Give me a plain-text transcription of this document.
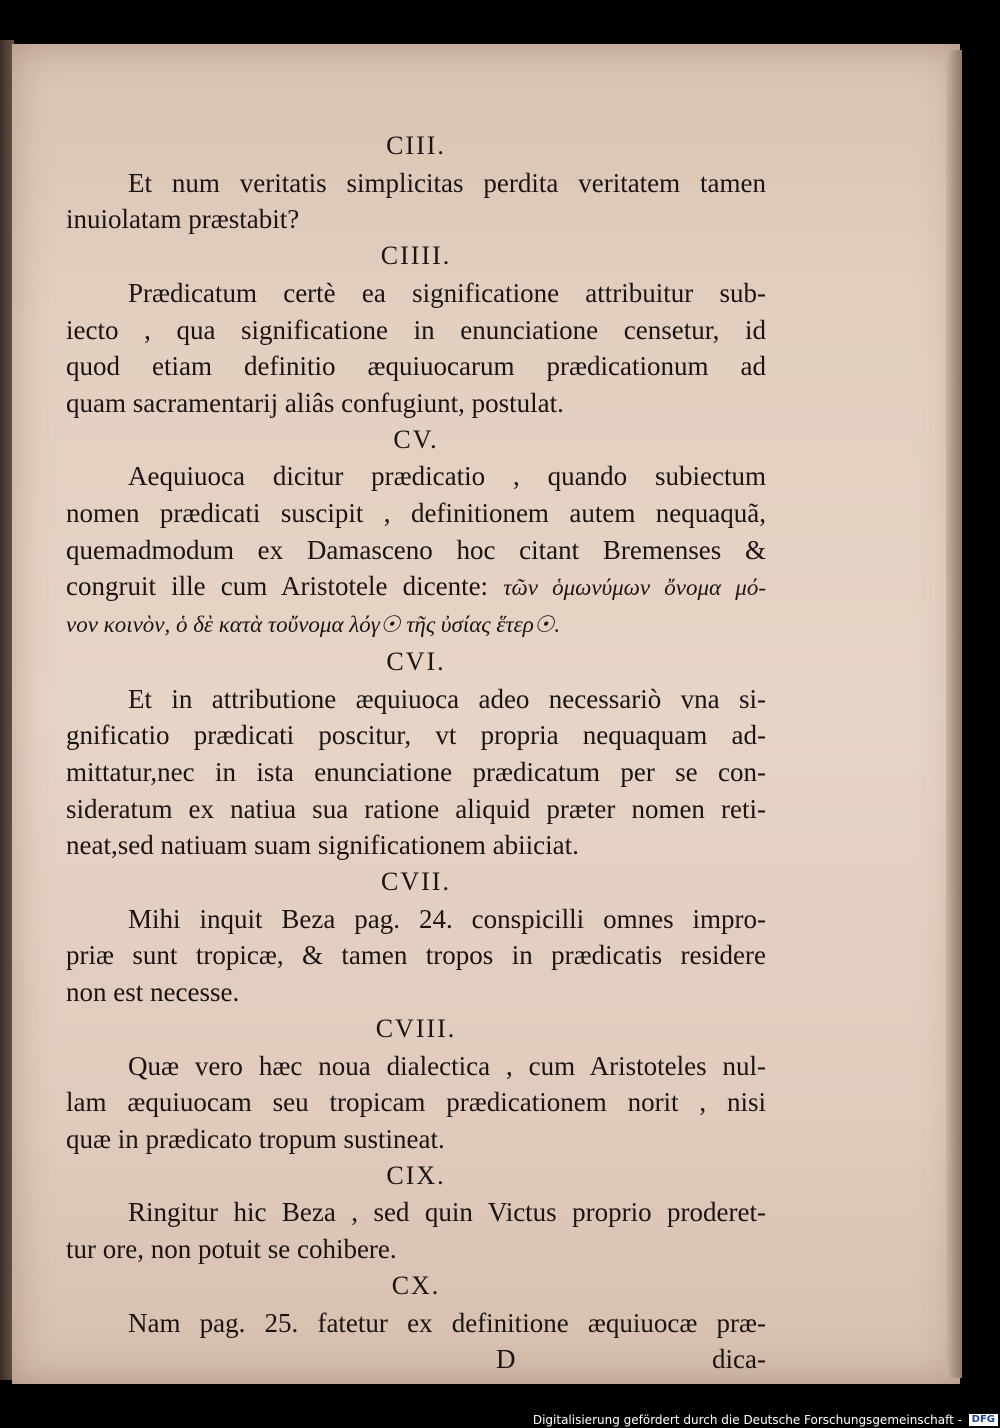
CIII.

Et num veritatis simplicitas perdita veritatem tamen
inuiolatam præstabit?

CIIII.

Prædicatum certè ea significatione attribuitur sub-
iecto , qua significatione in enunciatione censetur, id
quod etiam definitio æquiuocarum prædicationum ad
quam sacramentarij aliâs confugiunt, postulat.

CV.

Aequiuoca dicitur prædicatio , quando subiectum
nomen prædicati suscipit , definitionem autem nequaquã,
quemadmodum ex Damasceno hoc citant Bremenses &
congruit ille cum Aristotele dicente: τῶν ὁμωνύμων ὄνομα μό-
νον κοινὸν, ὁ δὲ κατὰ τοὔνομα λόγ☉ τῆς ὐσίας ἕτερ☉.

CVI.

Et in attributione æquiuoca adeo necessariò vna si-
gnificatio prædicati poscitur, vt propria nequaquam ad-
mittatur,nec in ista enunciatione prædicatum per se con-
sideratum ex natiua sua ratione aliquid præter nomen reti-
neat,sed natiuam suam significationem abiiciat.

CVII.

Mihi inquit Beza pag. 24. conspicilli omnes impro-
priæ sunt tropicæ, & tamen tropos in prædicatis residere
non est necesse.

CVIII.

Quæ vero hæc noua dialectica , cum Aristoteles nul-
lam æquiuocam seu tropicam prædicationem norit , nisi
quæ in prædicato tropum sustineat.

CIX.

Ringitur hic Beza , sed quin Victus proprio proderet-
tur ore, non potuit se cohibere.

CX.

Nam pag. 25. fatetur ex definitione æquiuocæ præ-

D	dica-
Digitalisierung gefördert durch die Deutsche Forschungsgemeinschaft - DFG
